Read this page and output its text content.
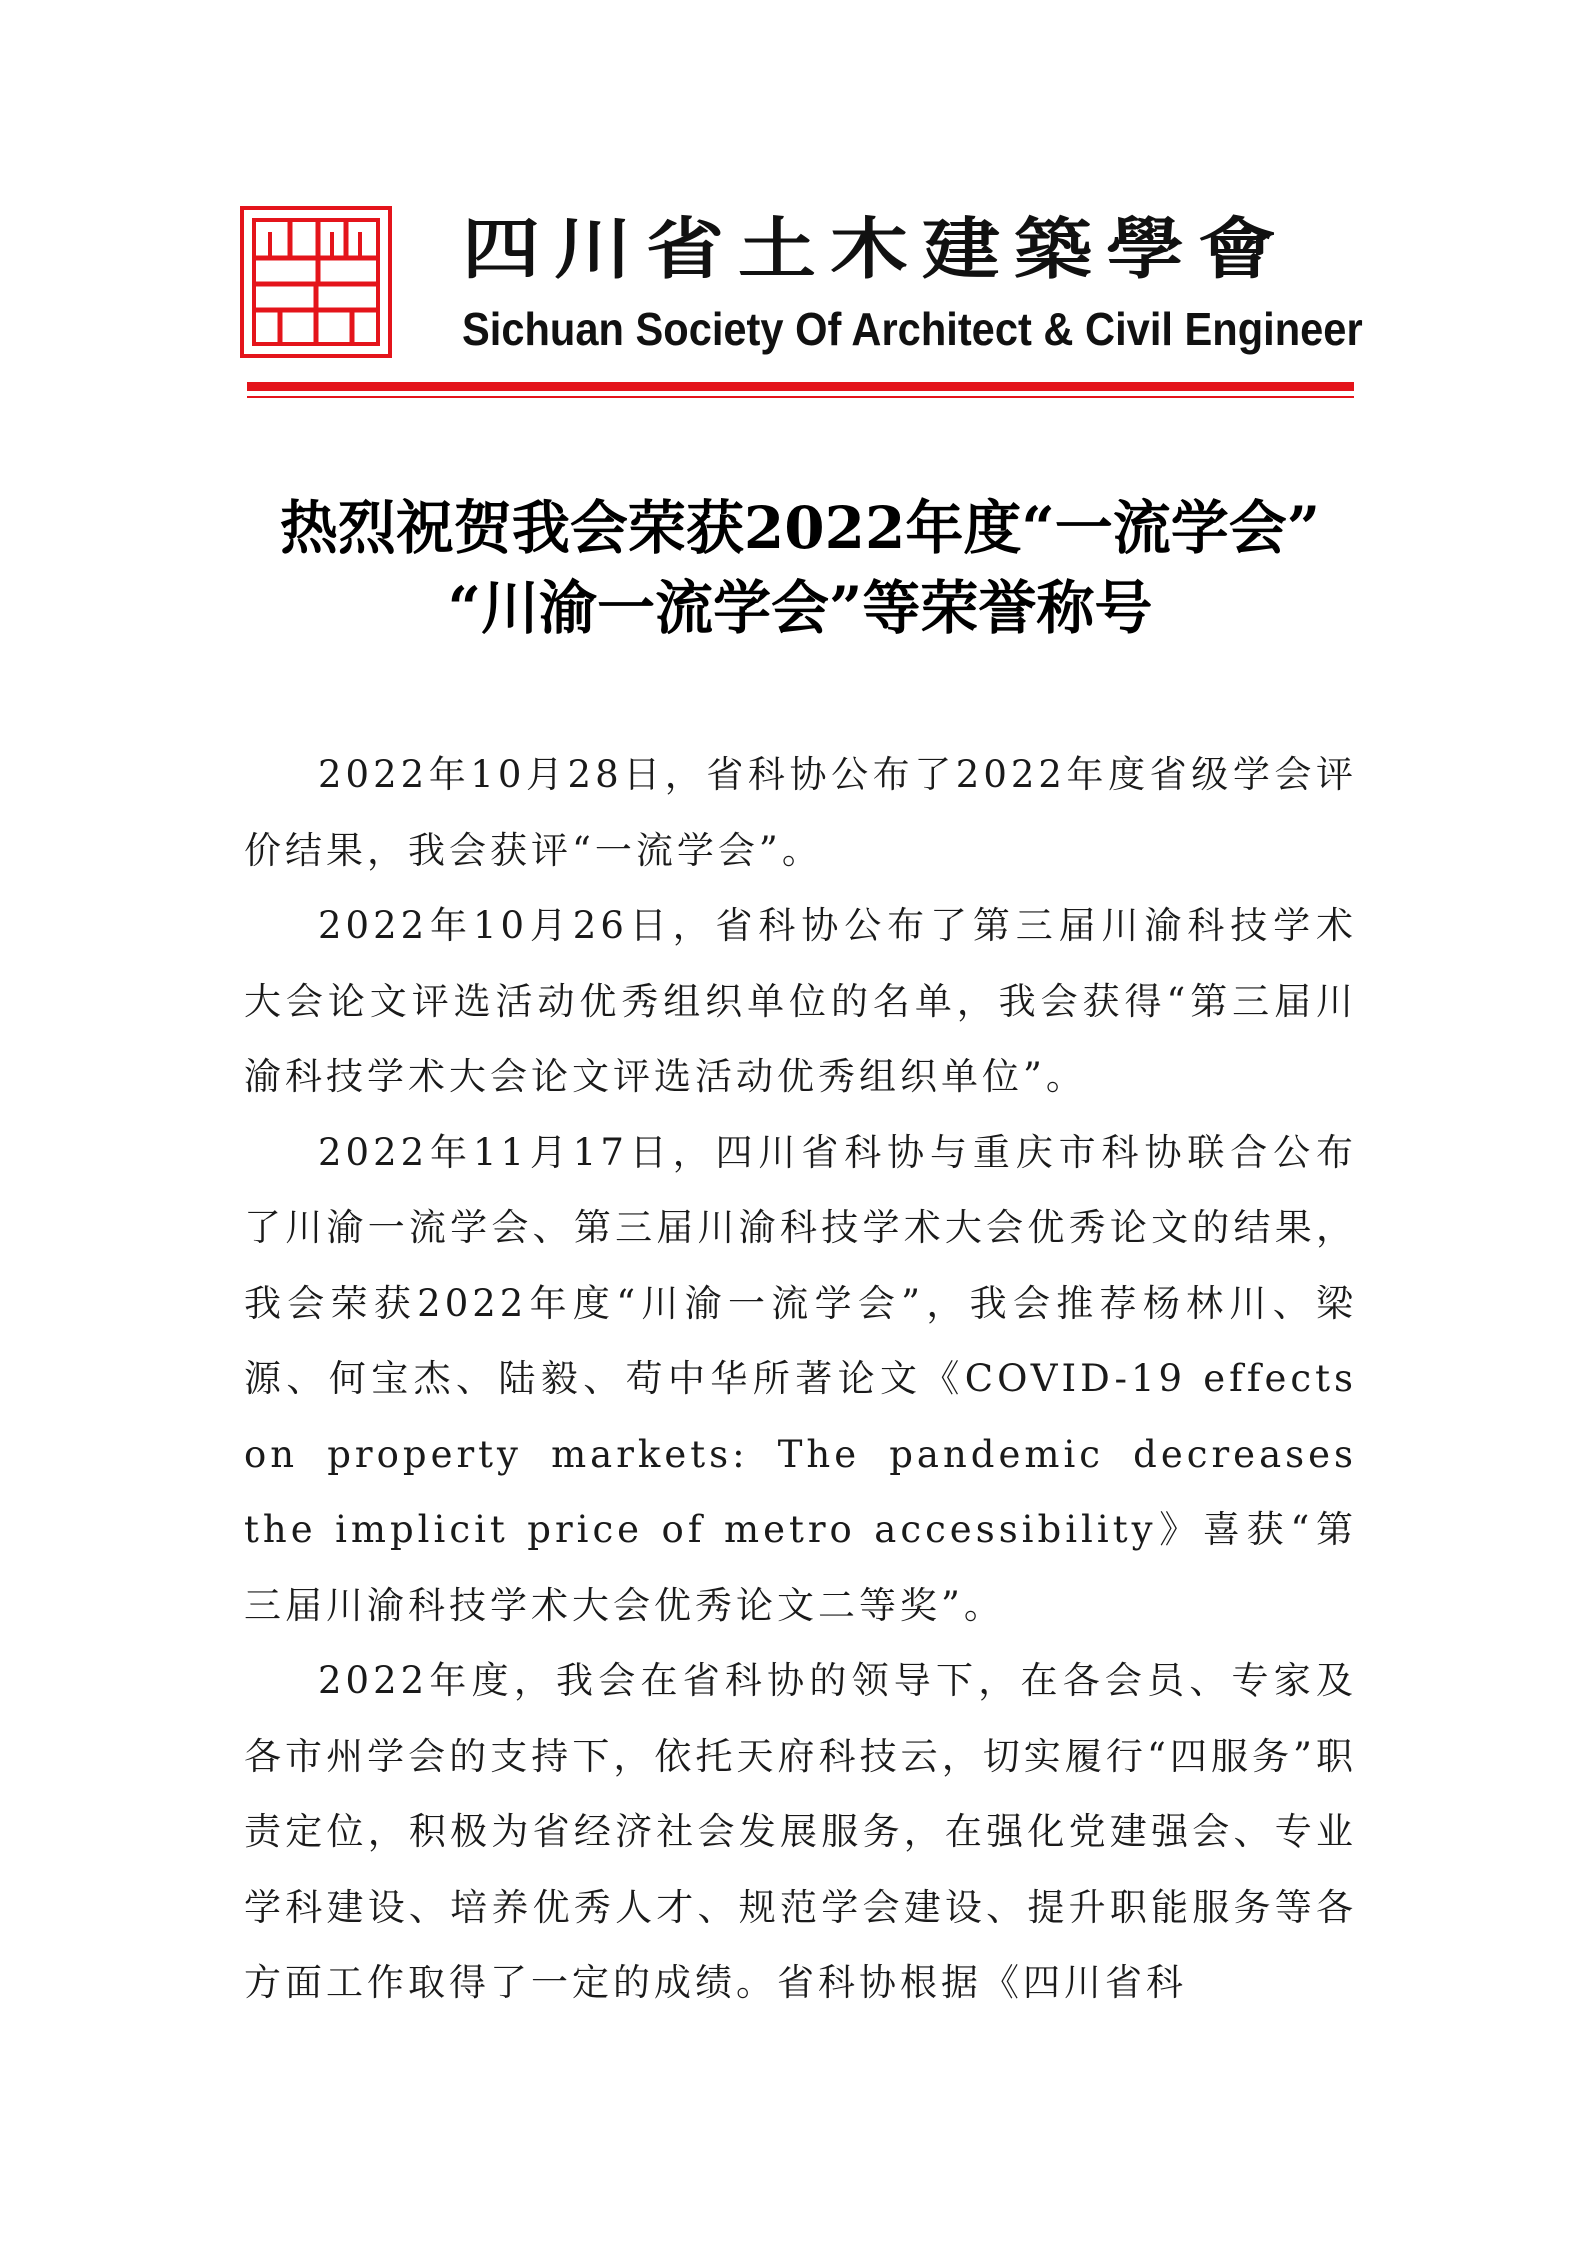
四川省土木建築學會
Sichuan Society Of Architect & Civil Engineer
热烈祝贺我会荣获2022年度“一流学会”
“川渝一流学会”等荣誉称号

2022年10月28日，省科协公布了2022年度省级学会评价结果，我会获评“一流学会”。

2022年10月26日，省科协公布了第三届川渝科技学术大会论文评选活动优秀组织单位的名单，我会获得“第三届川渝科技学术大会论文评选活动优秀组织单位”。

2022年11月17日，四川省科协与重庆市科协联合公布了川渝一流学会、第三届川渝科技学术大会优秀论文的结果，我会荣获2022年度“川渝一流学会”，我会推荐杨林川、梁源、何宝杰、陆毅、苟中华所著论文《COVID-19 effects on property markets: The pandemic decreases the implicit price of metro accessibility》喜获“第三届川渝科技学术大会优秀论文二等奖”。

2022年度，我会在省科协的领导下，在各会员、专家及各市州学会的支持下，依托天府科技云，切实履行“四服务”职责定位，积极为省经济社会发展服务，在强化党建强会、专业学科建设、培养优秀人才、规范学会建设、提升职能服务等各方面工作取得了一定的成绩。省科协根据《四川省科
